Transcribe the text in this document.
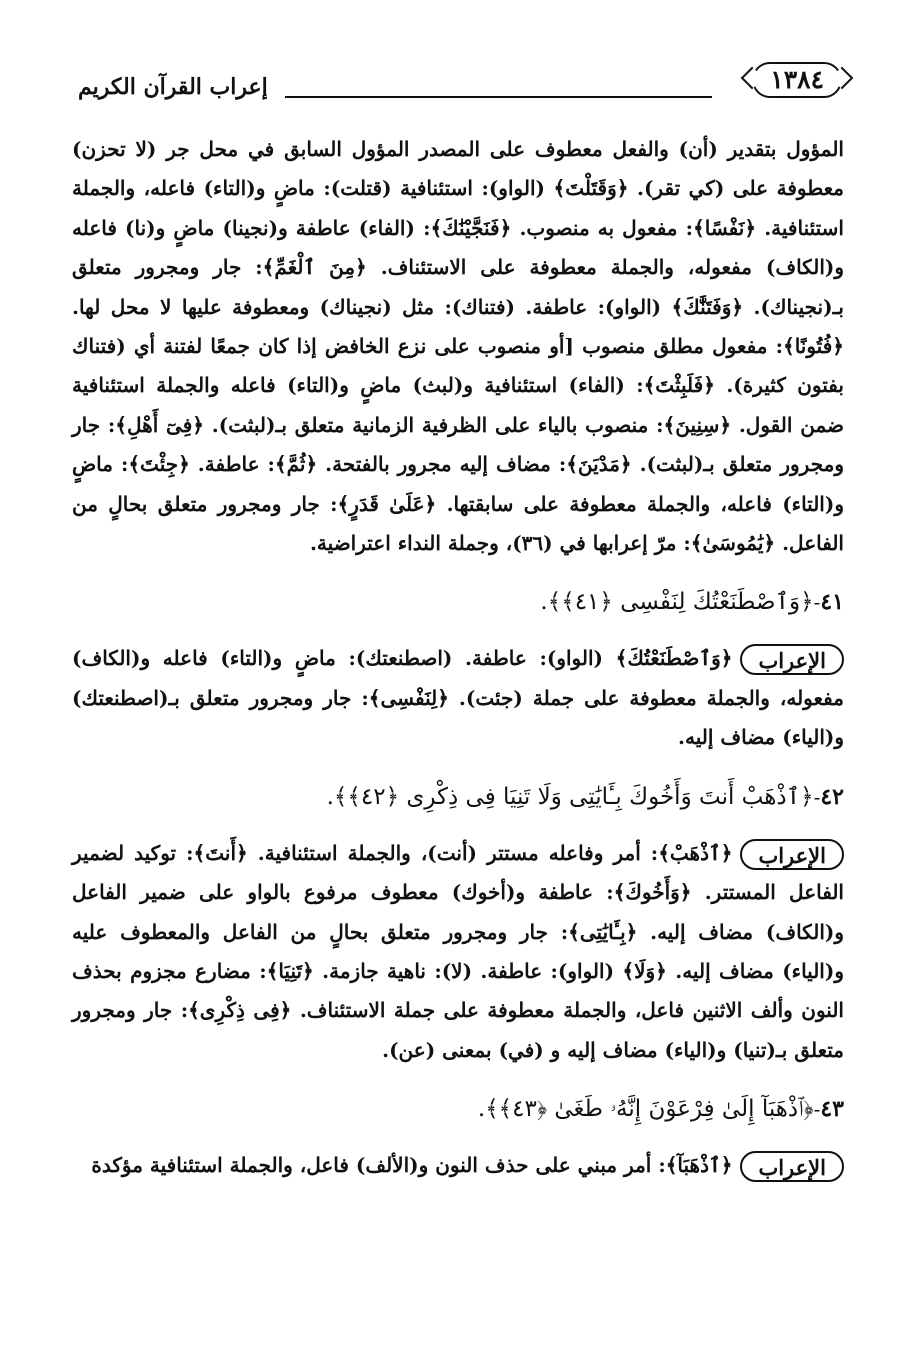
١٣٨٤
إعراب القرآن الكريم

المؤول بتقدير (أن) والفعل معطوف على المصدر المؤول السابق في محل جر (لا تحزن) معطوفة على (كي تقر). ﴿وَقَتَلْتَ﴾ (الواو): استئنافية (قتلت): ماضٍ و(التاء) فاعله، والجملة استئنافية. ﴿نَفْسًا﴾: مفعول به منصوب. ﴿فَنَجَّيْنَٰكَ﴾: (الفاء) عاطفة و(نجينا) ماضٍ و(نا) فاعله و(الكاف) مفعوله، والجملة معطوفة على الاستئناف. ﴿مِنَ ٱلْغَمِّ﴾: جار ومجرور متعلق بـ(نجيناك). ﴿وَفَتَنَّٰكَ﴾ (الواو): عاطفة. (فتناك): مثل (نجيناك) ومعطوفة عليها لا محل لها. ﴿فُتُونًا﴾: مفعول مطلق منصوب [أو منصوب على نزع الخافض إذا كان جمعًا لفتنة أي (فتناك بفتون كثيرة). ﴿فَلَبِثْتَ﴾: (الفاء) استئنافية و(لبث) ماضٍ و(التاء) فاعله والجملة استئنافية ضمن القول. ﴿سِنِينَ﴾: منصوب بالياء على الظرفية الزمانية متعلق بـ(لبثت). ﴿فِىٓ أَهْلِ﴾: جار ومجرور متعلق بـ(لبثت). ﴿مَدْيَنَ﴾: مضاف إليه مجرور بالفتحة. ﴿ثُمَّ﴾: عاطفة. ﴿جِئْتَ﴾: ماضٍ و(التاء) فاعله، والجملة معطوفة على سابقتها. ﴿عَلَىٰ قَدَرٍ﴾: جار ومجرور متعلق بحالٍ من الفاعل. ﴿يَٰمُوسَىٰ﴾: مرّ إعرابها في (٣٦)، وجملة النداء اعتراضية.

٤١-﴿وَٱصْطَنَعْتُكَ لِنَفْسِى ﴿٤١﴾﴾.

الإعراب﴿وَٱصْطَنَعْتُكَ﴾ (الواو): عاطفة. (اصطنعتك): ماضٍ و(التاء) فاعله و(الكاف) مفعوله، والجملة معطوفة على جملة (جئت). ﴿لِنَفْسِى﴾: جار ومجرور متعلق بـ(اصطنعتك) و(الياء) مضاف إليه.

٤٢-﴿ٱذْهَبْ أَنتَ وَأَخُوكَ بِـَٔايَٰتِى وَلَا تَنِيَا فِى ذِكْرِى ﴿٤٢﴾﴾.

الإعراب﴿ٱذْهَبْ﴾: أمر وفاعله مستتر (أنت)، والجملة استئنافية. ﴿أَنتَ﴾: توكيد لضمير الفاعل المستتر. ﴿وَأَخُوكَ﴾: عاطفة و(أخوك) معطوف مرفوع بالواو على ضمير الفاعل و(الكاف) مضاف إليه. ﴿بِـَٔايَٰتِى﴾: جار ومجرور متعلق بحالٍ من الفاعل والمعطوف عليه و(الياء) مضاف إليه. ﴿وَلَا﴾ (الواو): عاطفة. (لا): ناهية جازمة. ﴿تَنِيَا﴾: مضارع مجزوم بحذف النون وألف الاثنين فاعل، والجملة معطوفة على جملة الاستئناف. ﴿فِى ذِكْرِى﴾: جار ومجرور متعلق بـ(تنيا) و(الياء) مضاف إليه و (في) بمعنى (عن).

٤٣-﴿ٱذْهَبَآ إِلَىٰ فِرْعَوْنَ إِنَّهُۥ طَغَىٰ ﴿٤٣﴾﴾.

الإعراب﴿ٱذْهَبَآ﴾: أمر مبني على حذف النون و(الألف) فاعل، والجملة استئنافية مؤكدة
